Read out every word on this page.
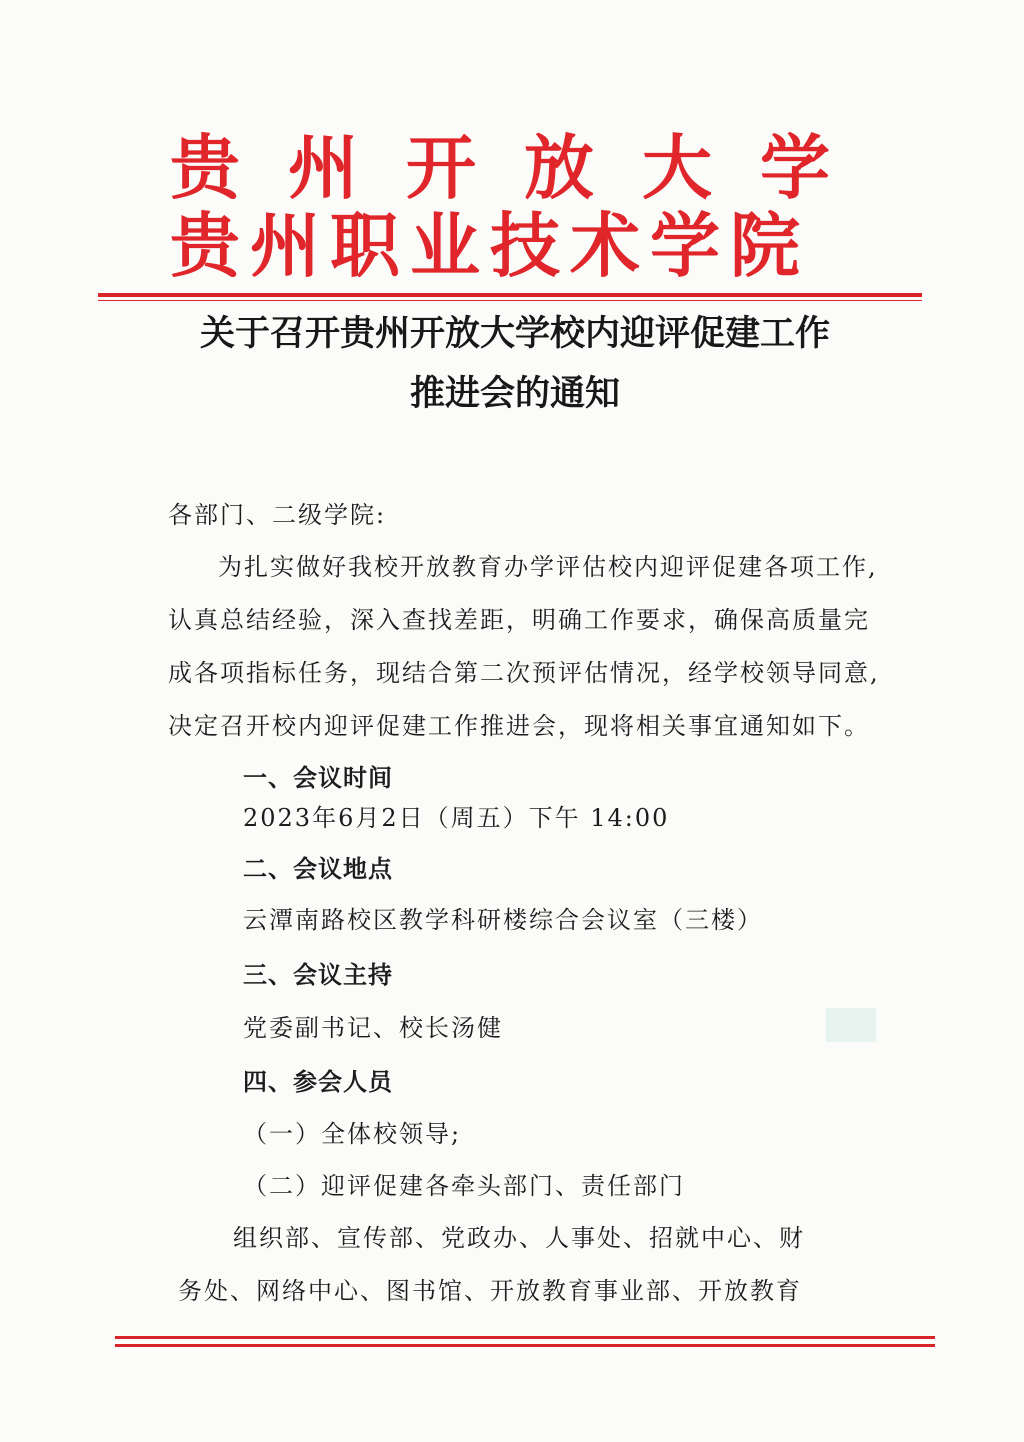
贵州开放大学
贵州职业技术学院
关于召开贵州开放大学校内迎评促建工作
推进会的通知
各部门、二级学院:
为扎实做好我校开放教育办学评估校内迎评促建各项工作,
认真总结经验，深入查找差距，明确工作要求，确保高质量完
成各项指标任务，现结合第二次预评估情况，经学校领导同意,
决定召开校内迎评促建工作推进会，现将相关事宜通知如下。
一、会议时间
2023年6月2日（周五）下午 14:00
二、会议地点
云潭南路校区教学科研楼综合会议室（三楼）
三、会议主持
党委副书记、校长汤健
四、参会人员
（一）全体校领导;
（二）迎评促建各牵头部门、责任部门
组织部、宣传部、党政办、人事处、招就中心、财
务处、网络中心、图书馆、开放教育事业部、开放教育
